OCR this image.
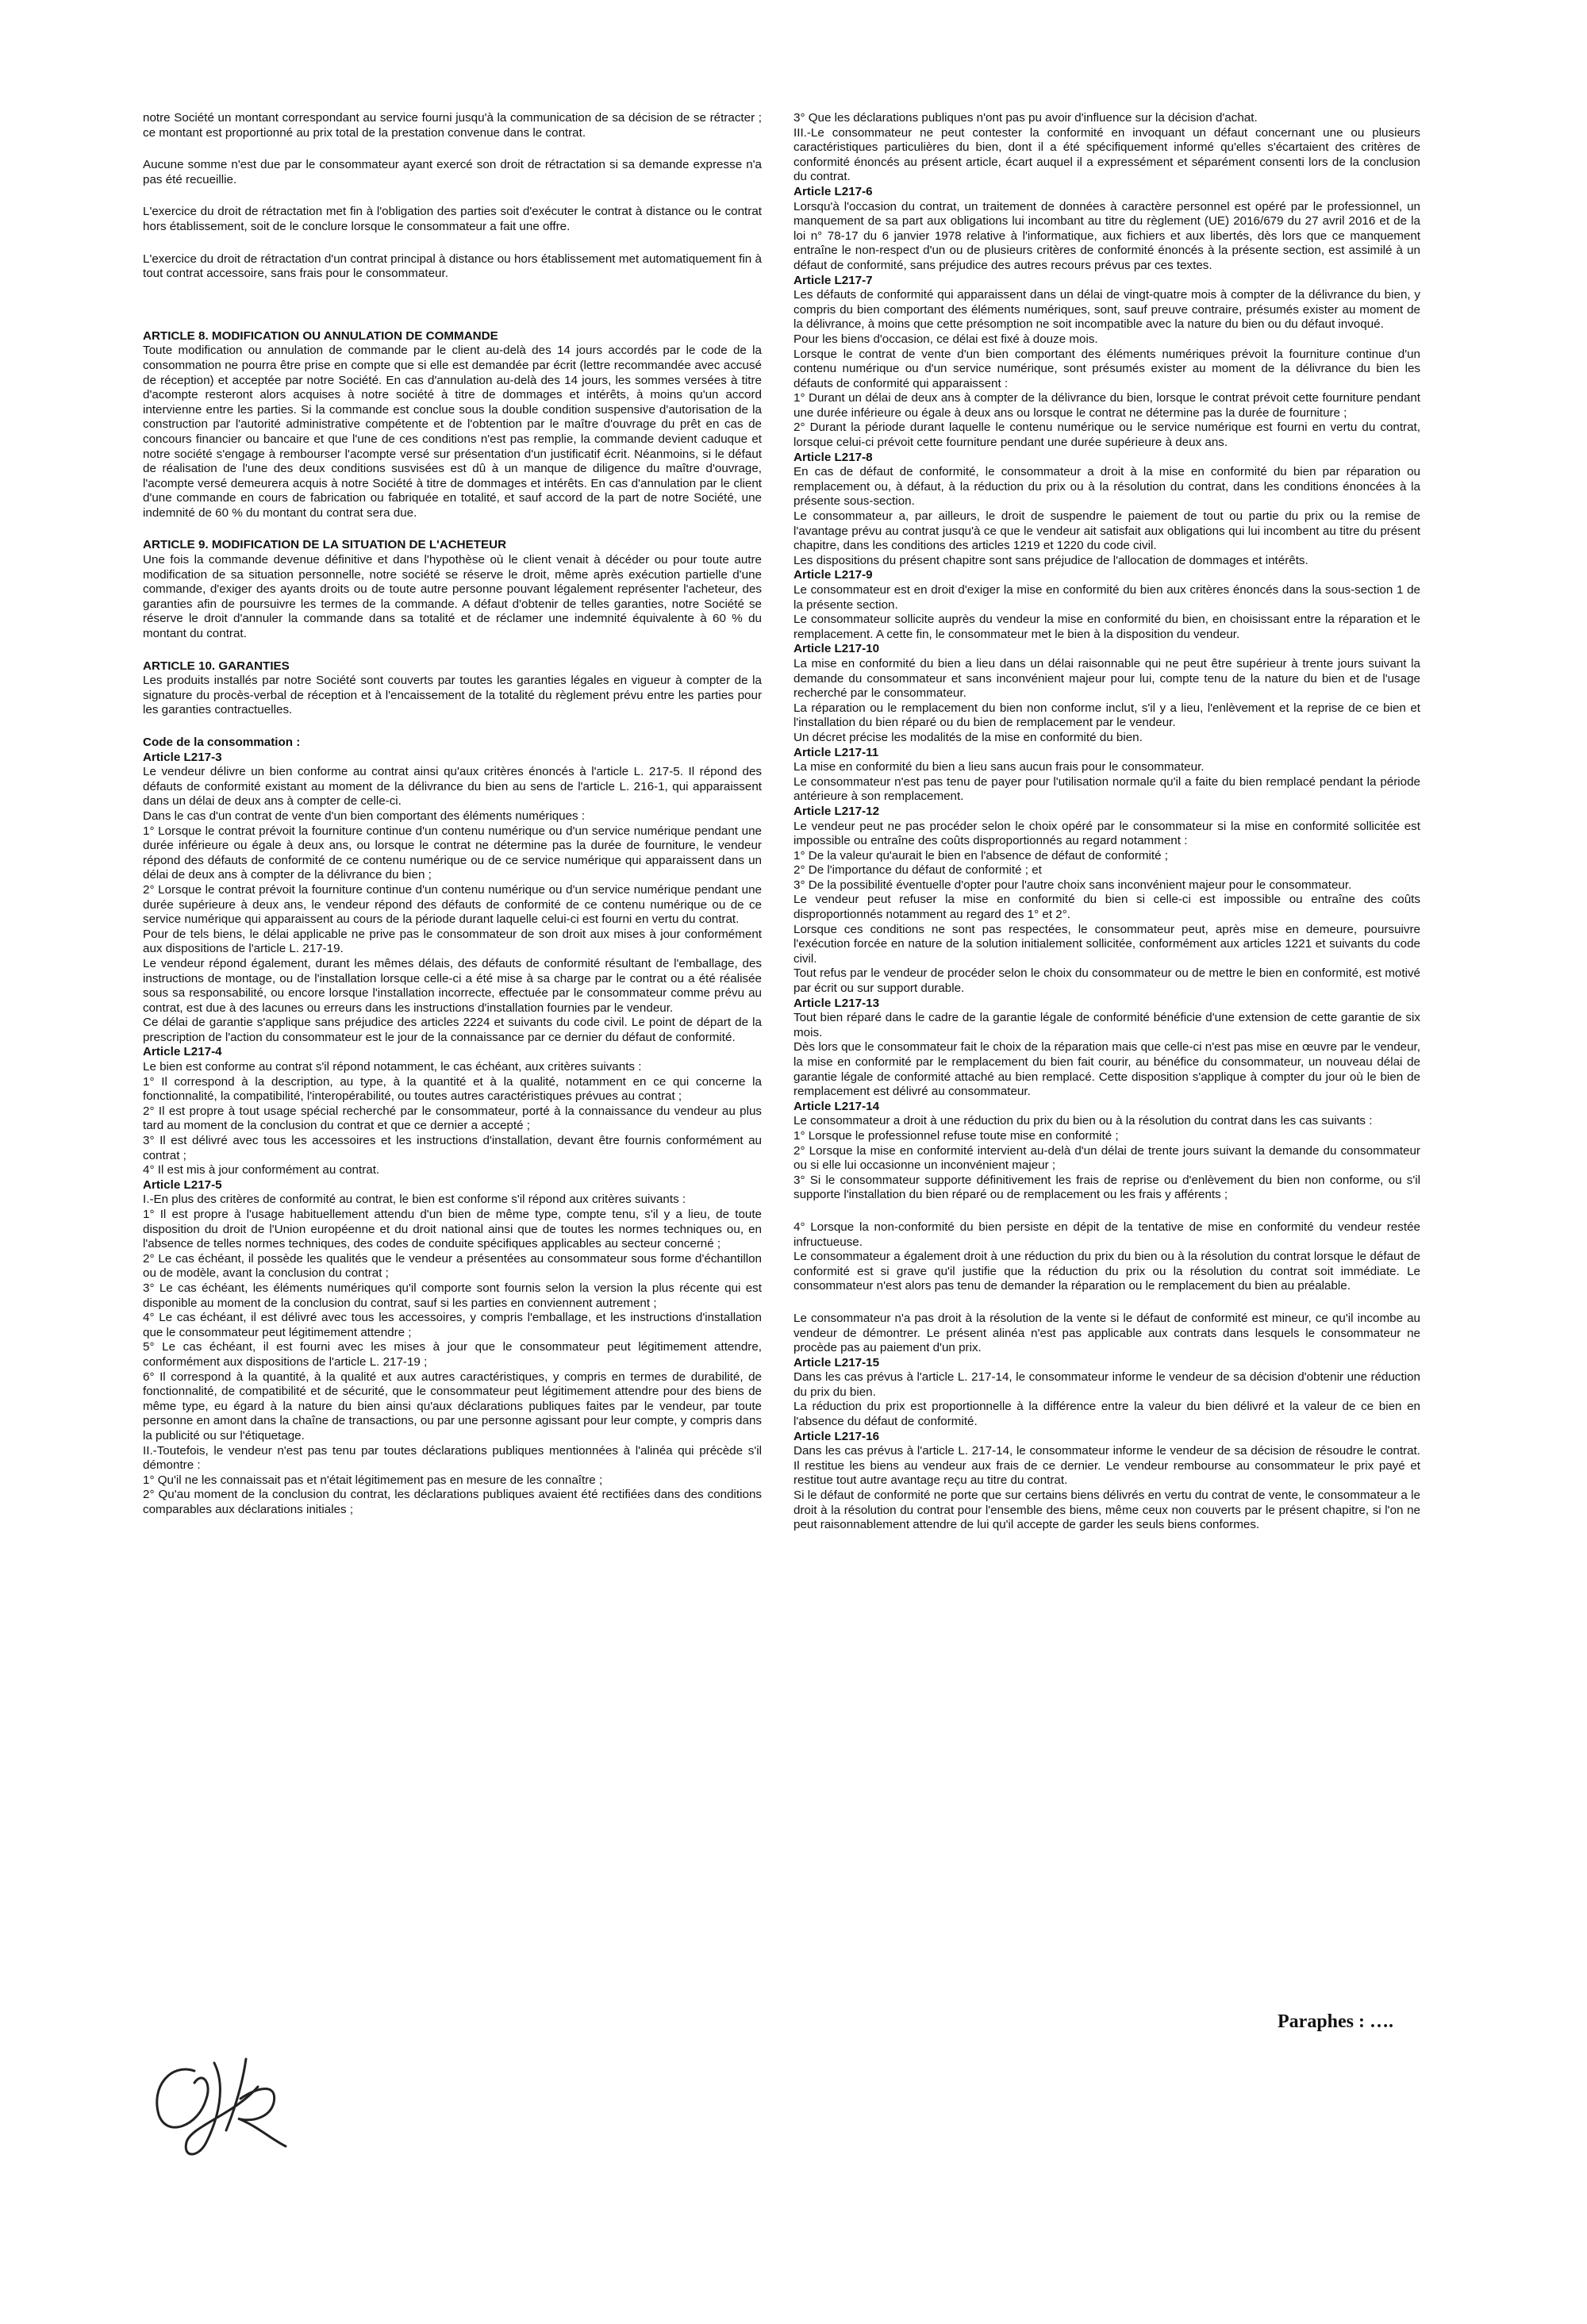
notre Société un montant correspondant au service fourni jusqu'à la communication de sa décision de se rétracter ; ce montant est proportionné au prix total de la prestation convenue dans le contrat.

Aucune somme n'est due par le consommateur ayant exercé son droit de rétractation si sa demande expresse n'a pas été recueillie.

L'exercice du droit de rétractation met fin à l'obligation des parties soit d'exécuter le contrat à distance ou le contrat hors établissement, soit de le conclure lorsque le consommateur a fait une offre.

L'exercice du droit de rétractation d'un contrat principal à distance ou hors établissement met automatiquement fin à tout contrat accessoire, sans frais pour le consommateur.

ARTICLE 8. MODIFICATION OU ANNULATION DE COMMANDE

Toute modification ou annulation de commande par le client au-delà des 14 jours accordés par le code de la consommation ne pourra être prise en compte que si elle est demandée par écrit (lettre recommandée avec accusé de réception) et acceptée par notre Société. En cas d'annulation au-delà des 14 jours, les sommes versées à titre d'acompte resteront alors acquises à notre société à titre de dommages et intérêts, à moins qu'un accord intervienne entre les parties. Si la commande est conclue sous la double condition suspensive d'autorisation de la construction par l'autorité administrative compétente et de l'obtention par le maître d'ouvrage du prêt en cas de concours financier ou bancaire et que l'une de ces conditions n'est pas remplie, la commande devient caduque et notre société s'engage à rembourser l'acompte versé sur présentation d'un justificatif écrit. Néanmoins, si le défaut de réalisation de l'une des deux conditions susvisées est dû à un manque de diligence du maître d'ouvrage, l'acompte versé demeurera acquis à notre Société à titre de dommages et intérêts. En cas d'annulation par le client d'une commande en cours de fabrication ou fabriquée en totalité, et sauf accord de la part de notre Société, une indemnité de 60 % du montant du contrat sera due.

ARTICLE 9. MODIFICATION DE LA SITUATION DE L'ACHETEUR

Une fois la commande devenue définitive et dans l'hypothèse où le client venait à décéder ou pour toute autre modification de sa situation personnelle, notre société se réserve le droit, même après exécution partielle d'une commande, d'exiger des ayants droits ou de toute autre personne pouvant légalement représenter l'acheteur, des garanties afin de poursuivre les termes de la commande. A défaut d'obtenir de telles garanties, notre Société se réserve le droit d'annuler la commande dans sa totalité et de réclamer une indemnité équivalente à 60 % du montant du contrat.

ARTICLE 10. GARANTIES

Les produits installés par notre Société sont couverts par toutes les garanties légales en vigueur à compter de la signature du procès-verbal de réception et à l'encaissement de la totalité du règlement prévu entre les parties pour les garanties contractuelles.

Code de la consommation :
Article L217-3

Le vendeur délivre un bien conforme au contrat ainsi qu'aux critères énoncés à l'article L. 217-5. Il répond des défauts de conformité existant au moment de la délivrance du bien au sens de l'article L. 216-1, qui apparaissent dans un délai de deux ans à compter de celle-ci.

Dans le cas d'un contrat de vente d'un bien comportant des éléments numériques :

1° Lorsque le contrat prévoit la fourniture continue d'un contenu numérique ou d'un service numérique pendant une durée inférieure ou égale à deux ans, ou lorsque le contrat ne détermine pas la durée de fourniture, le vendeur répond des défauts de conformité de ce contenu numérique ou de ce service numérique qui apparaissent dans un délai de deux ans à compter de la délivrance du bien ;

2° Lorsque le contrat prévoit la fourniture continue d'un contenu numérique ou d'un service numérique pendant une durée supérieure à deux ans, le vendeur répond des défauts de conformité de ce contenu numérique ou de ce service numérique qui apparaissent au cours de la période durant laquelle celui-ci est fourni en vertu du contrat.

Pour de tels biens, le délai applicable ne prive pas le consommateur de son droit aux mises à jour conformément aux dispositions de l'article L. 217-19.

Le vendeur répond également, durant les mêmes délais, des défauts de conformité résultant de l'emballage, des instructions de montage, ou de l'installation lorsque celle-ci a été mise à sa charge par le contrat ou a été réalisée sous sa responsabilité, ou encore lorsque l'installation incorrecte, effectuée par le consommateur comme prévu au contrat, est due à des lacunes ou erreurs dans les instructions d'installation fournies par le vendeur.

Ce délai de garantie s'applique sans préjudice des articles 2224 et suivants du code civil. Le point de départ de la prescription de l'action du consommateur est le jour de la connaissance par ce dernier du défaut de conformité.

Article L217-4

Le bien est conforme au contrat s'il répond notamment, le cas échéant, aux critères suivants :

1° Il correspond à la description, au type, à la quantité et à la qualité, notamment en ce qui concerne la fonctionnalité, la compatibilité, l'interopérabilité, ou toutes autres caractéristiques prévues au contrat ;

2° Il est propre à tout usage spécial recherché par le consommateur, porté à la connaissance du vendeur au plus tard au moment de la conclusion du contrat et que ce dernier a accepté ;

3° Il est délivré avec tous les accessoires et les instructions d'installation, devant être fournis conformément au contrat ;

4° Il est mis à jour conformément au contrat.

Article L217-5

I.-En plus des critères de conformité au contrat, le bien est conforme s'il répond aux critères suivants :

1° Il est propre à l'usage habituellement attendu d'un bien de même type, compte tenu, s'il y a lieu, de toute disposition du droit de l'Union européenne et du droit national ainsi que de toutes les normes techniques ou, en l'absence de telles normes techniques, des codes de conduite spécifiques applicables au secteur concerné ;

2° Le cas échéant, il possède les qualités que le vendeur a présentées au consommateur sous forme d'échantillon ou de modèle, avant la conclusion du contrat ;

3° Le cas échéant, les éléments numériques qu'il comporte sont fournis selon la version la plus récente qui est disponible au moment de la conclusion du contrat, sauf si les parties en conviennent autrement ;

4° Le cas échéant, il est délivré avec tous les accessoires, y compris l'emballage, et les instructions d'installation que le consommateur peut légitimement attendre ;

5° Le cas échéant, il est fourni avec les mises à jour que le consommateur peut légitimement attendre, conformément aux dispositions de l'article L. 217-19 ;

6° Il correspond à la quantité, à la qualité et aux autres caractéristiques, y compris en termes de durabilité, de fonctionnalité, de compatibilité et de sécurité, que le consommateur peut légitimement attendre pour des biens de même type, eu égard à la nature du bien ainsi qu'aux déclarations publiques faites par le vendeur, par toute personne en amont dans la chaîne de transactions, ou par une personne agissant pour leur compte, y compris dans la publicité ou sur l'étiquetage.

II.-Toutefois, le vendeur n'est pas tenu par toutes déclarations publiques mentionnées à l'alinéa qui précède s'il démontre :

1° Qu'il ne les connaissait pas et n'était légitimement pas en mesure de les connaître ;

2° Qu'au moment de la conclusion du contrat, les déclarations publiques avaient été rectifiées dans des conditions comparables aux déclarations initiales ;

3° Que les déclarations publiques n'ont pas pu avoir d'influence sur la décision d'achat.

III.-Le consommateur ne peut contester la conformité en invoquant un défaut concernant une ou plusieurs caractéristiques particulières du bien, dont il a été spécifiquement informé qu'elles s'écartaient des critères de conformité énoncés au présent article, écart auquel il a expressément et séparément consenti lors de la conclusion du contrat.

Article L217-6

Lorsqu'à l'occasion du contrat, un traitement de données à caractère personnel est opéré par le professionnel, un manquement de sa part aux obligations lui incombant au titre du règlement (UE) 2016/679 du 27 avril 2016 et de la loi n° 78-17 du 6 janvier 1978 relative à l'informatique, aux fichiers et aux libertés, dès lors que ce manquement entraîne le non-respect d'un ou de plusieurs critères de conformité énoncés à la présente section, est assimilé à un défaut de conformité, sans préjudice des autres recours prévus par ces textes.

Article L217-7

Les défauts de conformité qui apparaissent dans un délai de vingt-quatre mois à compter de la délivrance du bien, y compris du bien comportant des éléments numériques, sont, sauf preuve contraire, présumés exister au moment de la délivrance, à moins que cette présomption ne soit incompatible avec la nature du bien ou du défaut invoqué.

Pour les biens d'occasion, ce délai est fixé à douze mois.

Lorsque le contrat de vente d'un bien comportant des éléments numériques prévoit la fourniture continue d'un contenu numérique ou d'un service numérique, sont présumés exister au moment de la délivrance du bien les défauts de conformité qui apparaissent :

1° Durant un délai de deux ans à compter de la délivrance du bien, lorsque le contrat prévoit cette fourniture pendant une durée inférieure ou égale à deux ans ou lorsque le contrat ne détermine pas la durée de fourniture ;

2° Durant la période durant laquelle le contenu numérique ou le service numérique est fourni en vertu du contrat, lorsque celui-ci prévoit cette fourniture pendant une durée supérieure à deux ans.

Article L217-8

En cas de défaut de conformité, le consommateur a droit à la mise en conformité du bien par réparation ou remplacement ou, à défaut, à la réduction du prix ou à la résolution du contrat, dans les conditions énoncées à la présente sous-section.

Le consommateur a, par ailleurs, le droit de suspendre le paiement de tout ou partie du prix ou la remise de l'avantage prévu au contrat jusqu'à ce que le vendeur ait satisfait aux obligations qui lui incombent au titre du présent chapitre, dans les conditions des articles 1219 et 1220 du code civil.

Les dispositions du présent chapitre sont sans préjudice de l'allocation de dommages et intérêts.

Article L217-9

Le consommateur est en droit d'exiger la mise en conformité du bien aux critères énoncés dans la sous-section 1 de la présente section.

Le consommateur sollicite auprès du vendeur la mise en conformité du bien, en choisissant entre la réparation et le remplacement. A cette fin, le consommateur met le bien à la disposition du vendeur.

Article L217-10

La mise en conformité du bien a lieu dans un délai raisonnable qui ne peut être supérieur à trente jours suivant la demande du consommateur et sans inconvénient majeur pour lui, compte tenu de la nature du bien et de l'usage recherché par le consommateur.

La réparation ou le remplacement du bien non conforme inclut, s'il y a lieu, l'enlèvement et la reprise de ce bien et l'installation du bien réparé ou du bien de remplacement par le vendeur.

Un décret précise les modalités de la mise en conformité du bien.

Article L217-11

La mise en conformité du bien a lieu sans aucun frais pour le consommateur.

Le consommateur n'est pas tenu de payer pour l'utilisation normale qu'il a faite du bien remplacé pendant la période antérieure à son remplacement.

Article L217-12

Le vendeur peut ne pas procéder selon le choix opéré par le consommateur si la mise en conformité sollicitée est impossible ou entraîne des coûts disproportionnés au regard notamment :

1° De la valeur qu'aurait le bien en l'absence de défaut de conformité ;

2° De l'importance du défaut de conformité ; et

3° De la possibilité éventuelle d'opter pour l'autre choix sans inconvénient majeur pour le consommateur.

Le vendeur peut refuser la mise en conformité du bien si celle-ci est impossible ou entraîne des coûts disproportionnés notamment au regard des 1° et 2°.

Lorsque ces conditions ne sont pas respectées, le consommateur peut, après mise en demeure, poursuivre l'exécution forcée en nature de la solution initialement sollicitée, conformément aux articles 1221 et suivants du code civil.

Tout refus par le vendeur de procéder selon le choix du consommateur ou de mettre le bien en conformité, est motivé par écrit ou sur support durable.

Article L217-13

Tout bien réparé dans le cadre de la garantie légale de conformité bénéficie d'une extension de cette garantie de six mois.

Dès lors que le consommateur fait le choix de la réparation mais que celle-ci n'est pas mise en œuvre par le vendeur, la mise en conformité par le remplacement du bien fait courir, au bénéfice du consommateur, un nouveau délai de garantie légale de conformité attaché au bien remplacé. Cette disposition s'applique à compter du jour où le bien de remplacement est délivré au consommateur.

Article L217-14

Le consommateur a droit à une réduction du prix du bien ou à la résolution du contrat dans les cas suivants :

1° Lorsque le professionnel refuse toute mise en conformité ;

2° Lorsque la mise en conformité intervient au-delà d'un délai de trente jours suivant la demande du consommateur ou si elle lui occasionne un inconvénient majeur ;

3° Si le consommateur supporte définitivement les frais de reprise ou d'enlèvement du bien non conforme, ou s'il supporte l'installation du bien réparé ou de remplacement ou les frais y afférents ;

4° Lorsque la non-conformité du bien persiste en dépit de la tentative de mise en conformité du vendeur restée infructueuse.

Le consommateur a également droit à une réduction du prix du bien ou à la résolution du contrat lorsque le défaut de conformité est si grave qu'il justifie que la réduction du prix ou la résolution du contrat soit immédiate. Le consommateur n'est alors pas tenu de demander la réparation ou le remplacement du bien au préalable.

Le consommateur n'a pas droit à la résolution de la vente si le défaut de conformité est mineur, ce qu'il incombe au vendeur de démontrer. Le présent alinéa n'est pas applicable aux contrats dans lesquels le consommateur ne procède pas au paiement d'un prix.

Article L217-15

Dans les cas prévus à l'article L. 217-14, le consommateur informe le vendeur de sa décision d'obtenir une réduction du prix du bien.

La réduction du prix est proportionnelle à la différence entre la valeur du bien délivré et la valeur de ce bien en l'absence du défaut de conformité.

Article L217-16

Dans les cas prévus à l'article L. 217-14, le consommateur informe le vendeur de sa décision de résoudre le contrat. Il restitue les biens au vendeur aux frais de ce dernier. Le vendeur rembourse au consommateur le prix payé et restitue tout autre avantage reçu au titre du contrat.

Si le défaut de conformité ne porte que sur certains biens délivrés en vertu du contrat de vente, le consommateur a le droit à la résolution du contrat pour l'ensemble des biens, même ceux non couverts par le présent chapitre, si l'on ne peut raisonnablement attendre de lui qu'il accepte de garder les seuls biens conformes.

Paraphes : ….
